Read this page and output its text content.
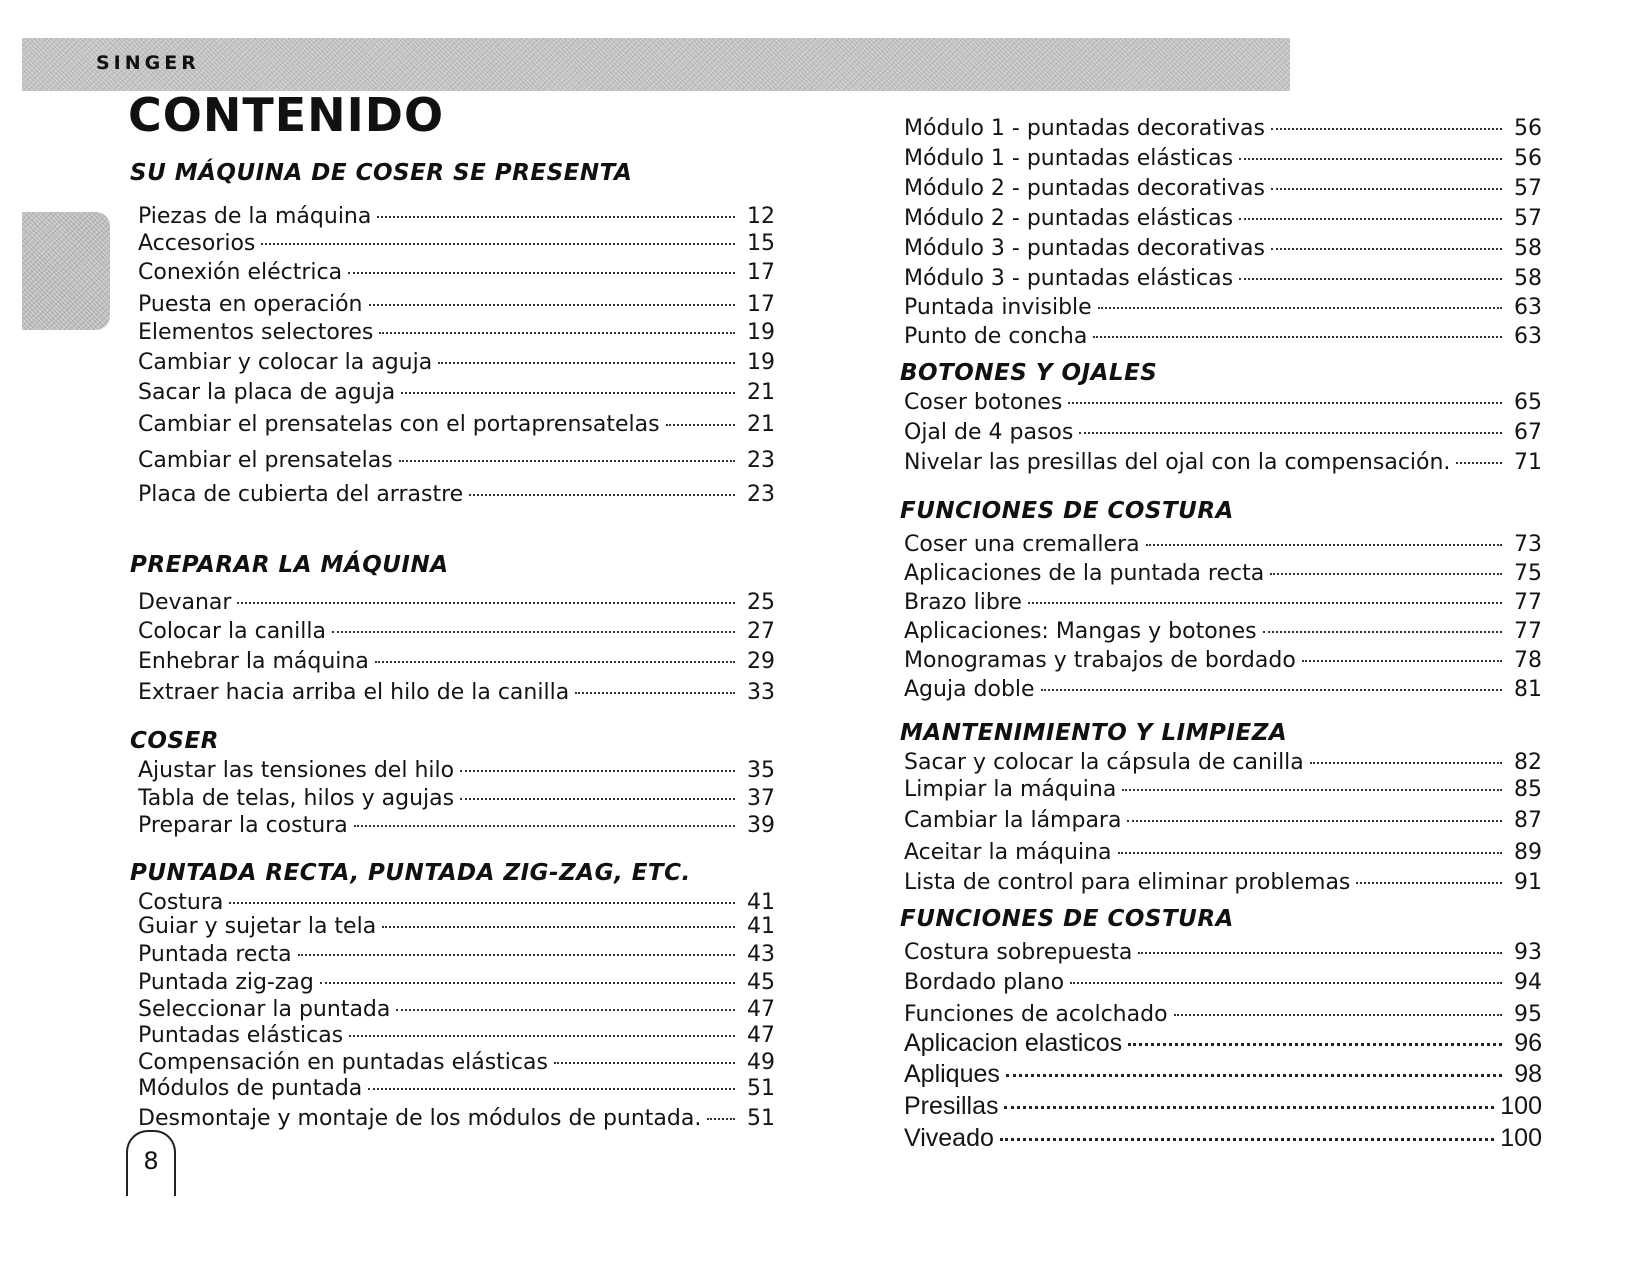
SINGER
CONTENIDO
SU MÁQUINA DE COSER SE PRESENTA
Piezas de la máquina	12
Accesorios	15
Conexión eléctrica	17
Puesta en operación	17
Elementos selectores	19
Cambiar y colocar la aguja	19
Sacar la placa de aguja	21
Cambiar el prensatelas con el portaprensatelas	21
Cambiar el prensatelas	23
Placa de cubierta del arrastre	23
PREPARAR LA MÁQUINA
Devanar	25
Colocar la canilla	27
Enhebrar la máquina	29
Extraer hacia arriba el hilo de la canilla	33
COSER
Ajustar las tensiones del hilo	35
Tabla de telas, hilos y agujas	37
Preparar la costura	39
PUNTADA RECTA, PUNTADA ZIG-ZAG, ETC.
Costura	41
Guiar y sujetar la tela	41
Puntada recta	43
Puntada zig-zag	45
Seleccionar la puntada	47
Puntadas elásticas	47
Compensación en puntadas elásticas	49
Módulos de puntada	51
Desmontaje y montaje de los módulos de puntada. 51
Módulo 1 - puntadas decorativas	56
Módulo 1 - puntadas elásticas	56
Módulo 2 - puntadas decorativas	57
Módulo 2 - puntadas elásticas	57
Módulo 3 - puntadas decorativas	58
Módulo 3 - puntadas elásticas	58
Puntada invisible	63
Punto de concha	63
BOTONES Y OJALES
Coser botones	65
Ojal de 4 pasos	67
Nivelar las presillas del ojal con la compensación.	71
FUNCIONES DE COSTURA
Coser una cremallera	73
Aplicaciones de la puntada recta	75
Brazo libre	77
Aplicaciones: Mangas y botones	77
Monogramas y trabajos de bordado	78
Aguja doble	81
MANTENIMIENTO Y LIMPIEZA
Sacar y colocar la cápsula de canilla	82
Limpiar la máquina	85
Cambiar la lámpara	87
Aceitar la máquina	89
Lista de control para eliminar problemas	91
FUNCIONES DE COSTURA
Costura sobrepuesta	93
Bordado plano	94
Funciones de acolchado	95
Aplicacion elasticos	96
Apliques	98
Presillas	100
Viveado	100
8
